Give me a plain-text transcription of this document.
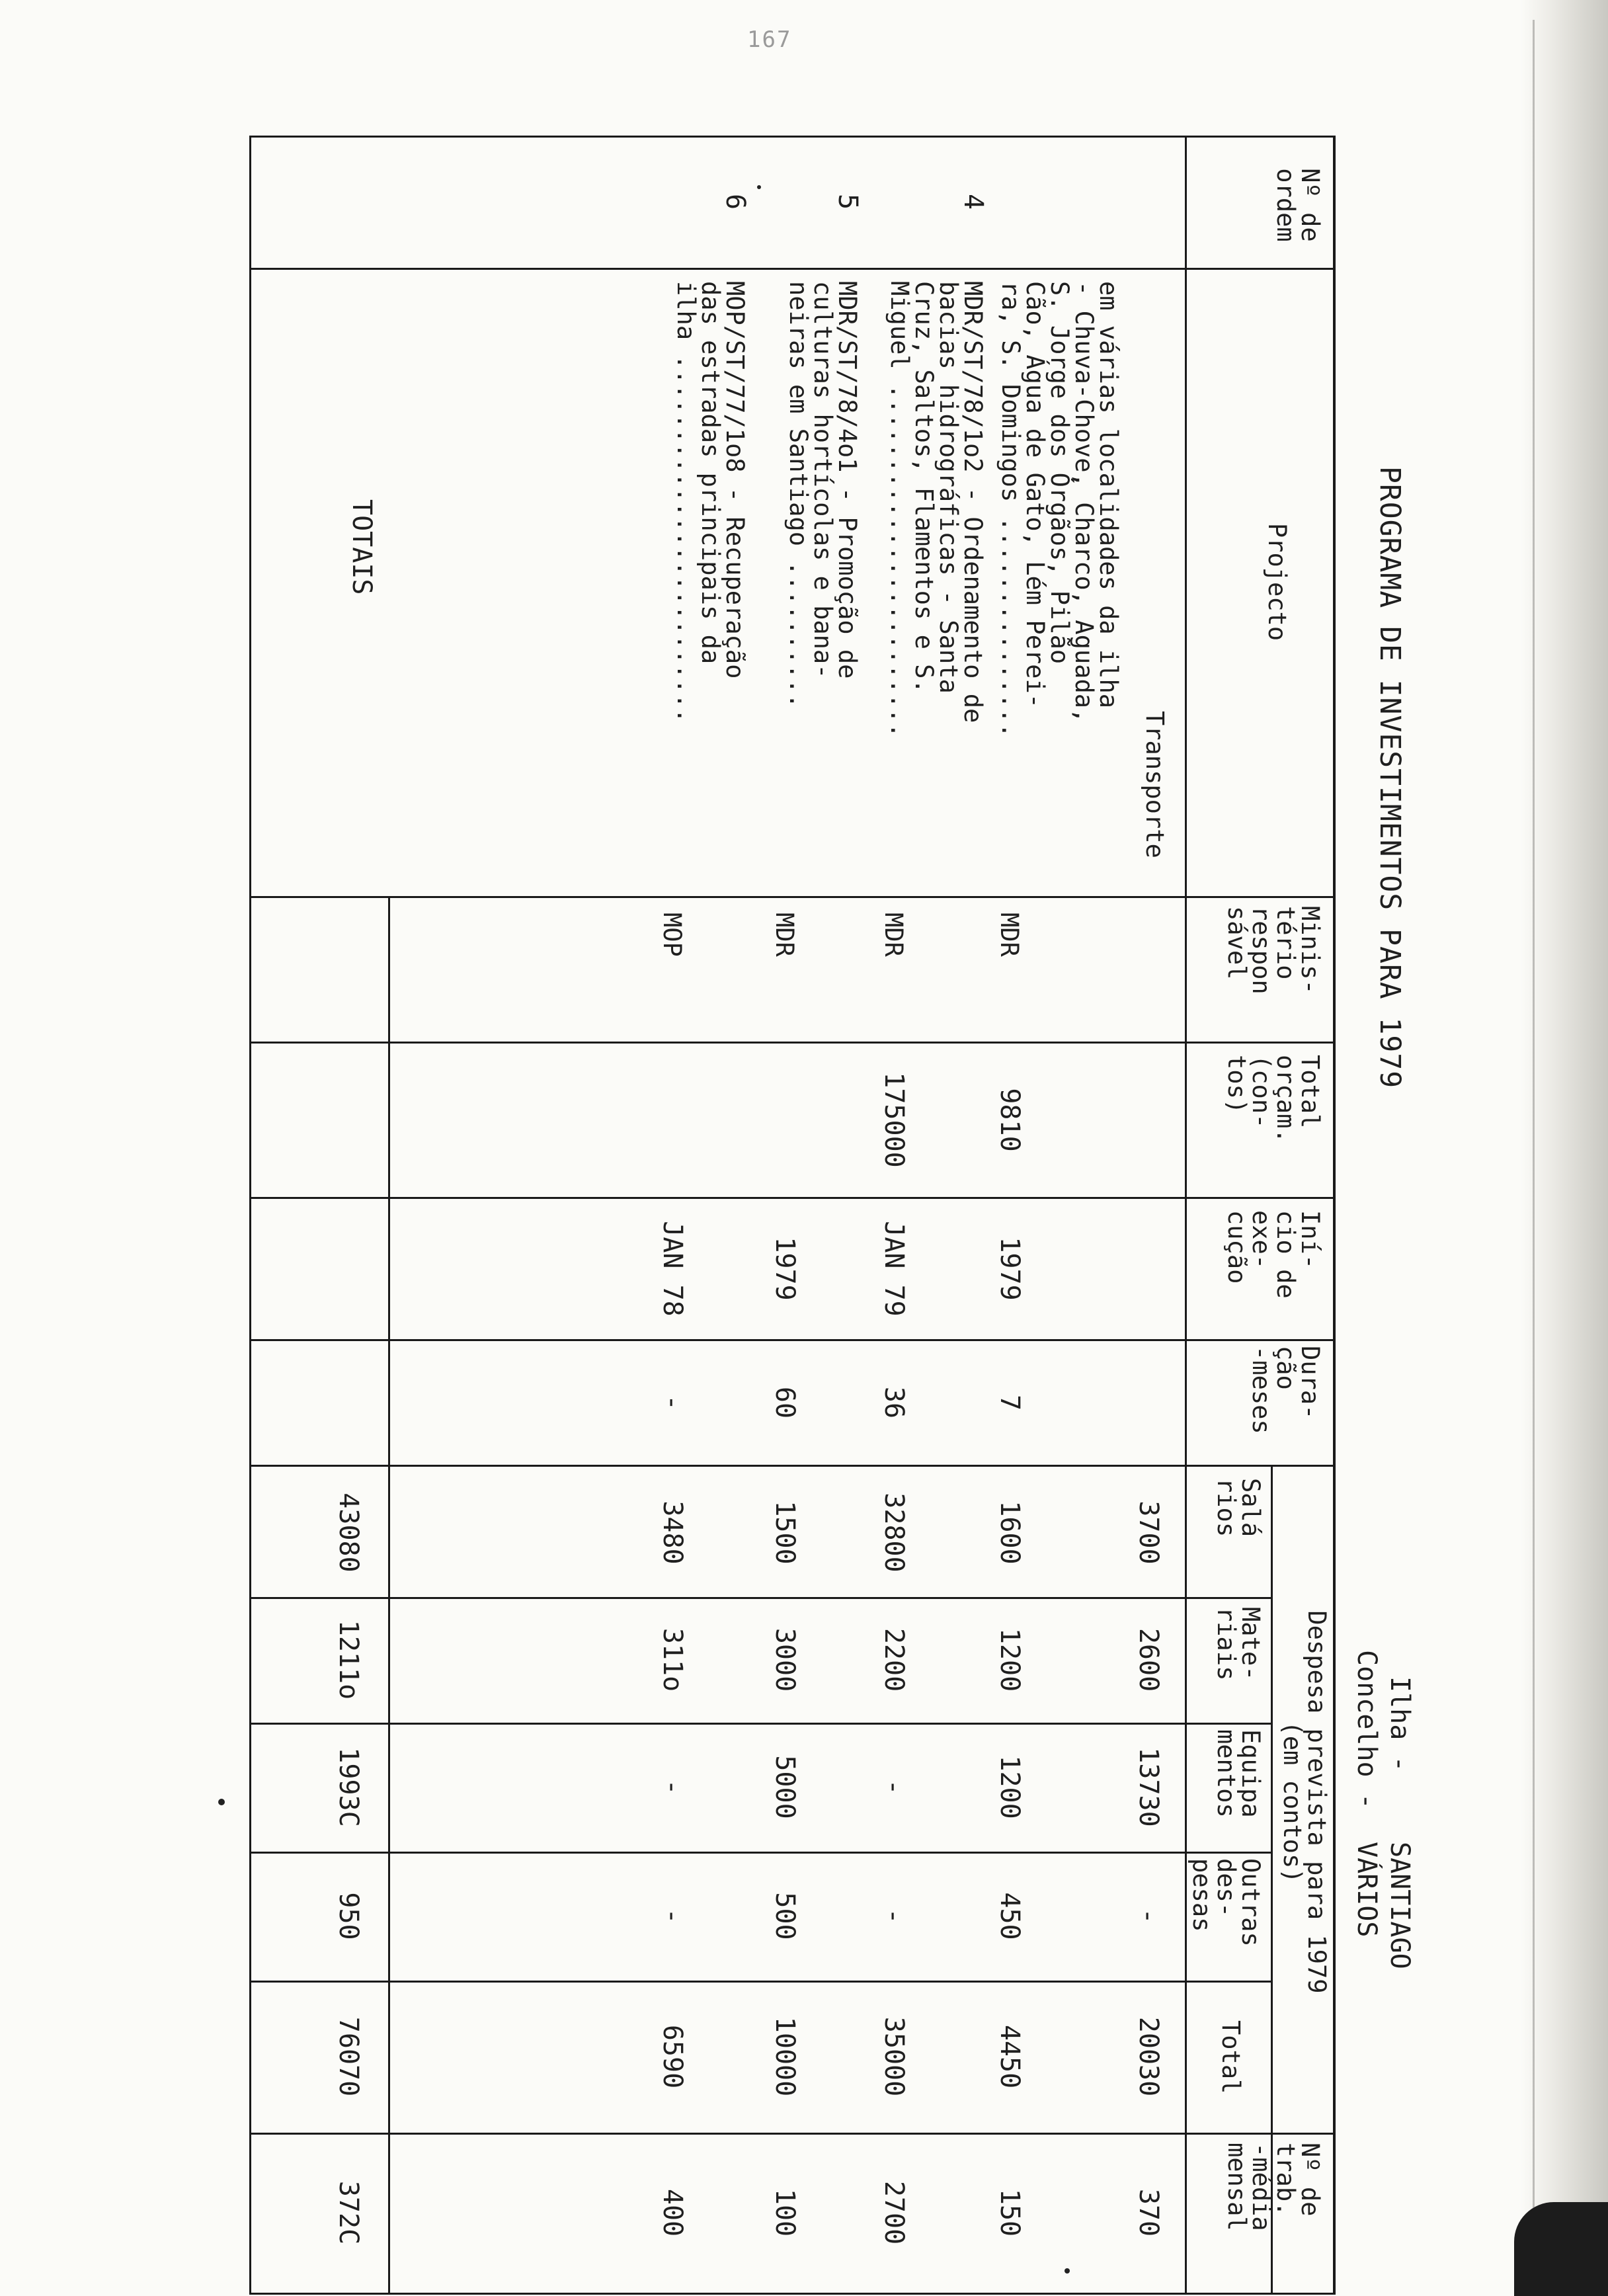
167

PROGRAMA DE INVESTIMENTOS PARA 1979

Ilha -

SANTIAGO

Concelho -

VÁRIOS

Nº de
ordem

Projecto

Minis-
tério
respon
sável

Total
orçam.
(con-
tos)

Iní-
cio de
exe-
cução

Dura-
ção
-meses

Despesa prevista para 1979
(em contos)

Salá
rios

Mate-
riais

Equipa
mentos

Outras
des-
pesas

Total

Nº de
trab.
-média
mensal

Transporte

3700

2600

13730

-

20030

370

em várias localidades da ilha
- Chuva-Chove, Charco, Aguada,
S. Jorge dos Órgãos, Pilão
Cão, Água de Gato, Lém Perei-
ra, S. Domingos ...............

MDR

9810

1979

7

1600

1200

1200

450

4450

150

4

MDR/ST/78/1o2 - Ordenamento de
bacias hidrográficas - Santa
Cruz, Saltos, Flamentos e S.
Miguel ........................

MDR

175000

JAN 79

36

32800

2200

-

-

35000

2700

5

MDR/ST/78/4o1 - Promoção de
culturas hortícolas e bana-
neiras em Santiago ..........

MDR

1979

60

1500

3000

5000

500

10000

100

6

MOP/ST/77/1o8 - Recuperação
das estradas principais da
ilha .........................

MOP

JAN 78

-

3480

311o

-

-

6590

400

TOTAIS

43080

1211o

1993C

950

76070

372C
